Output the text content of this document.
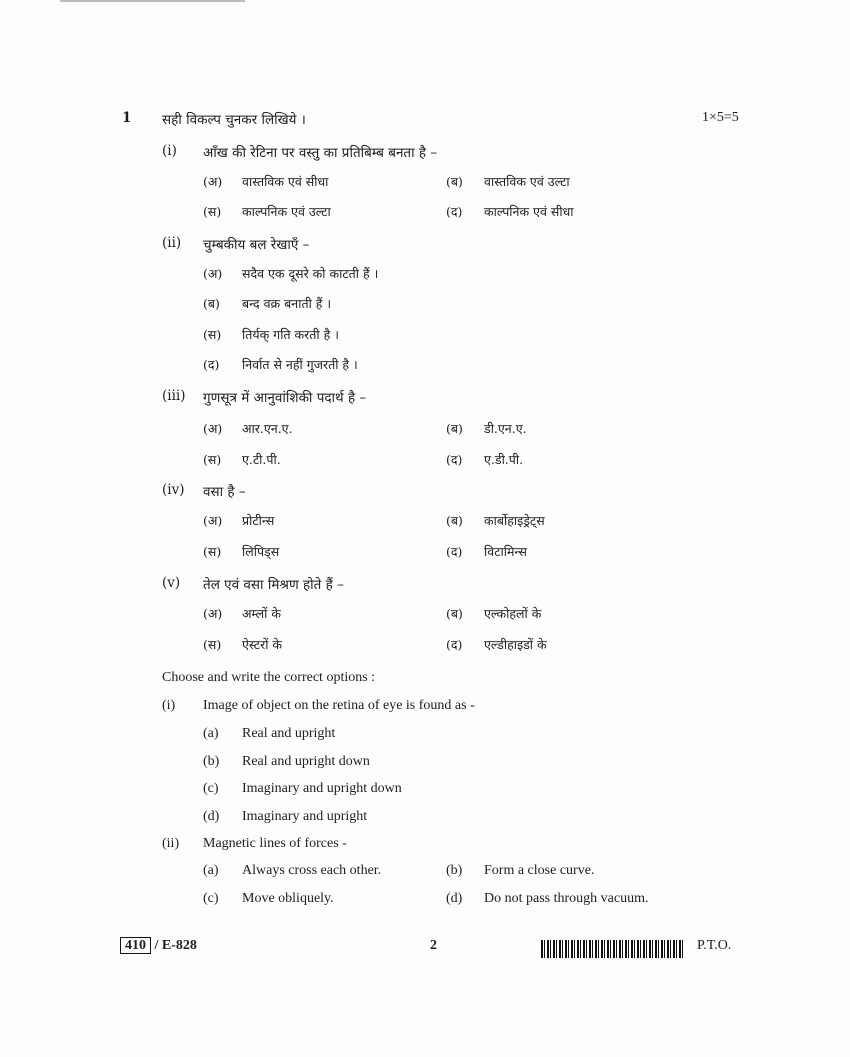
1 सही विकल्प चुनकर लिखिये ।	1×5=5
(i) आँख की रेटिना पर वस्तु का प्रतिबिम्ब बनता है –
(अ) वास्तविक एवं सीधा	(ब) वास्तविक एवं उल्टा
(स) काल्पनिक एवं उल्टा	(द) काल्पनिक एवं सीधा
(ii) चुम्बकीय बल रेखाएँ –
(अ) सदैव एक दूसरे को काटती हैं ।
(ब) बन्द वक्र बनाती हैं ।
(स) तिर्यक् गति करती है ।
(द) निर्वात से नहीं गुजरती है ।
(iii) गुणसूत्र में आनुवांशिकी पदार्थ है –
(अ) आर.एन.ए.	(ब) डी.एन.ए.
(स) ए.टी.पी.	(द) ए.डी.पी.
(iv) वसा है –
(अ) प्रोटीन्स	(ब) कार्बोहाइड्रेट्स
(स) लिपिड्स	(द) विटामिन्स
(v) तेल एवं वसा मिश्रण होते हैं –
(अ) अम्लों के	(ब) एल्कोहलों के
(स) ऐस्टरों के	(द) एल्डीहाइडों के
Choose and write the correct options :
(i) Image of object on the retina of eye is found as -
(a) Real and upright
(b) Real and upright down
(c) Imaginary and upright down
(d) Imaginary and upright
(ii) Magnetic lines of forces -
(a) Always cross each other.	(b) Form a close curve.
(c) Move obliquely.	(d) Do not pass through vacuum.
410 / E-828	2	P.T.O.
